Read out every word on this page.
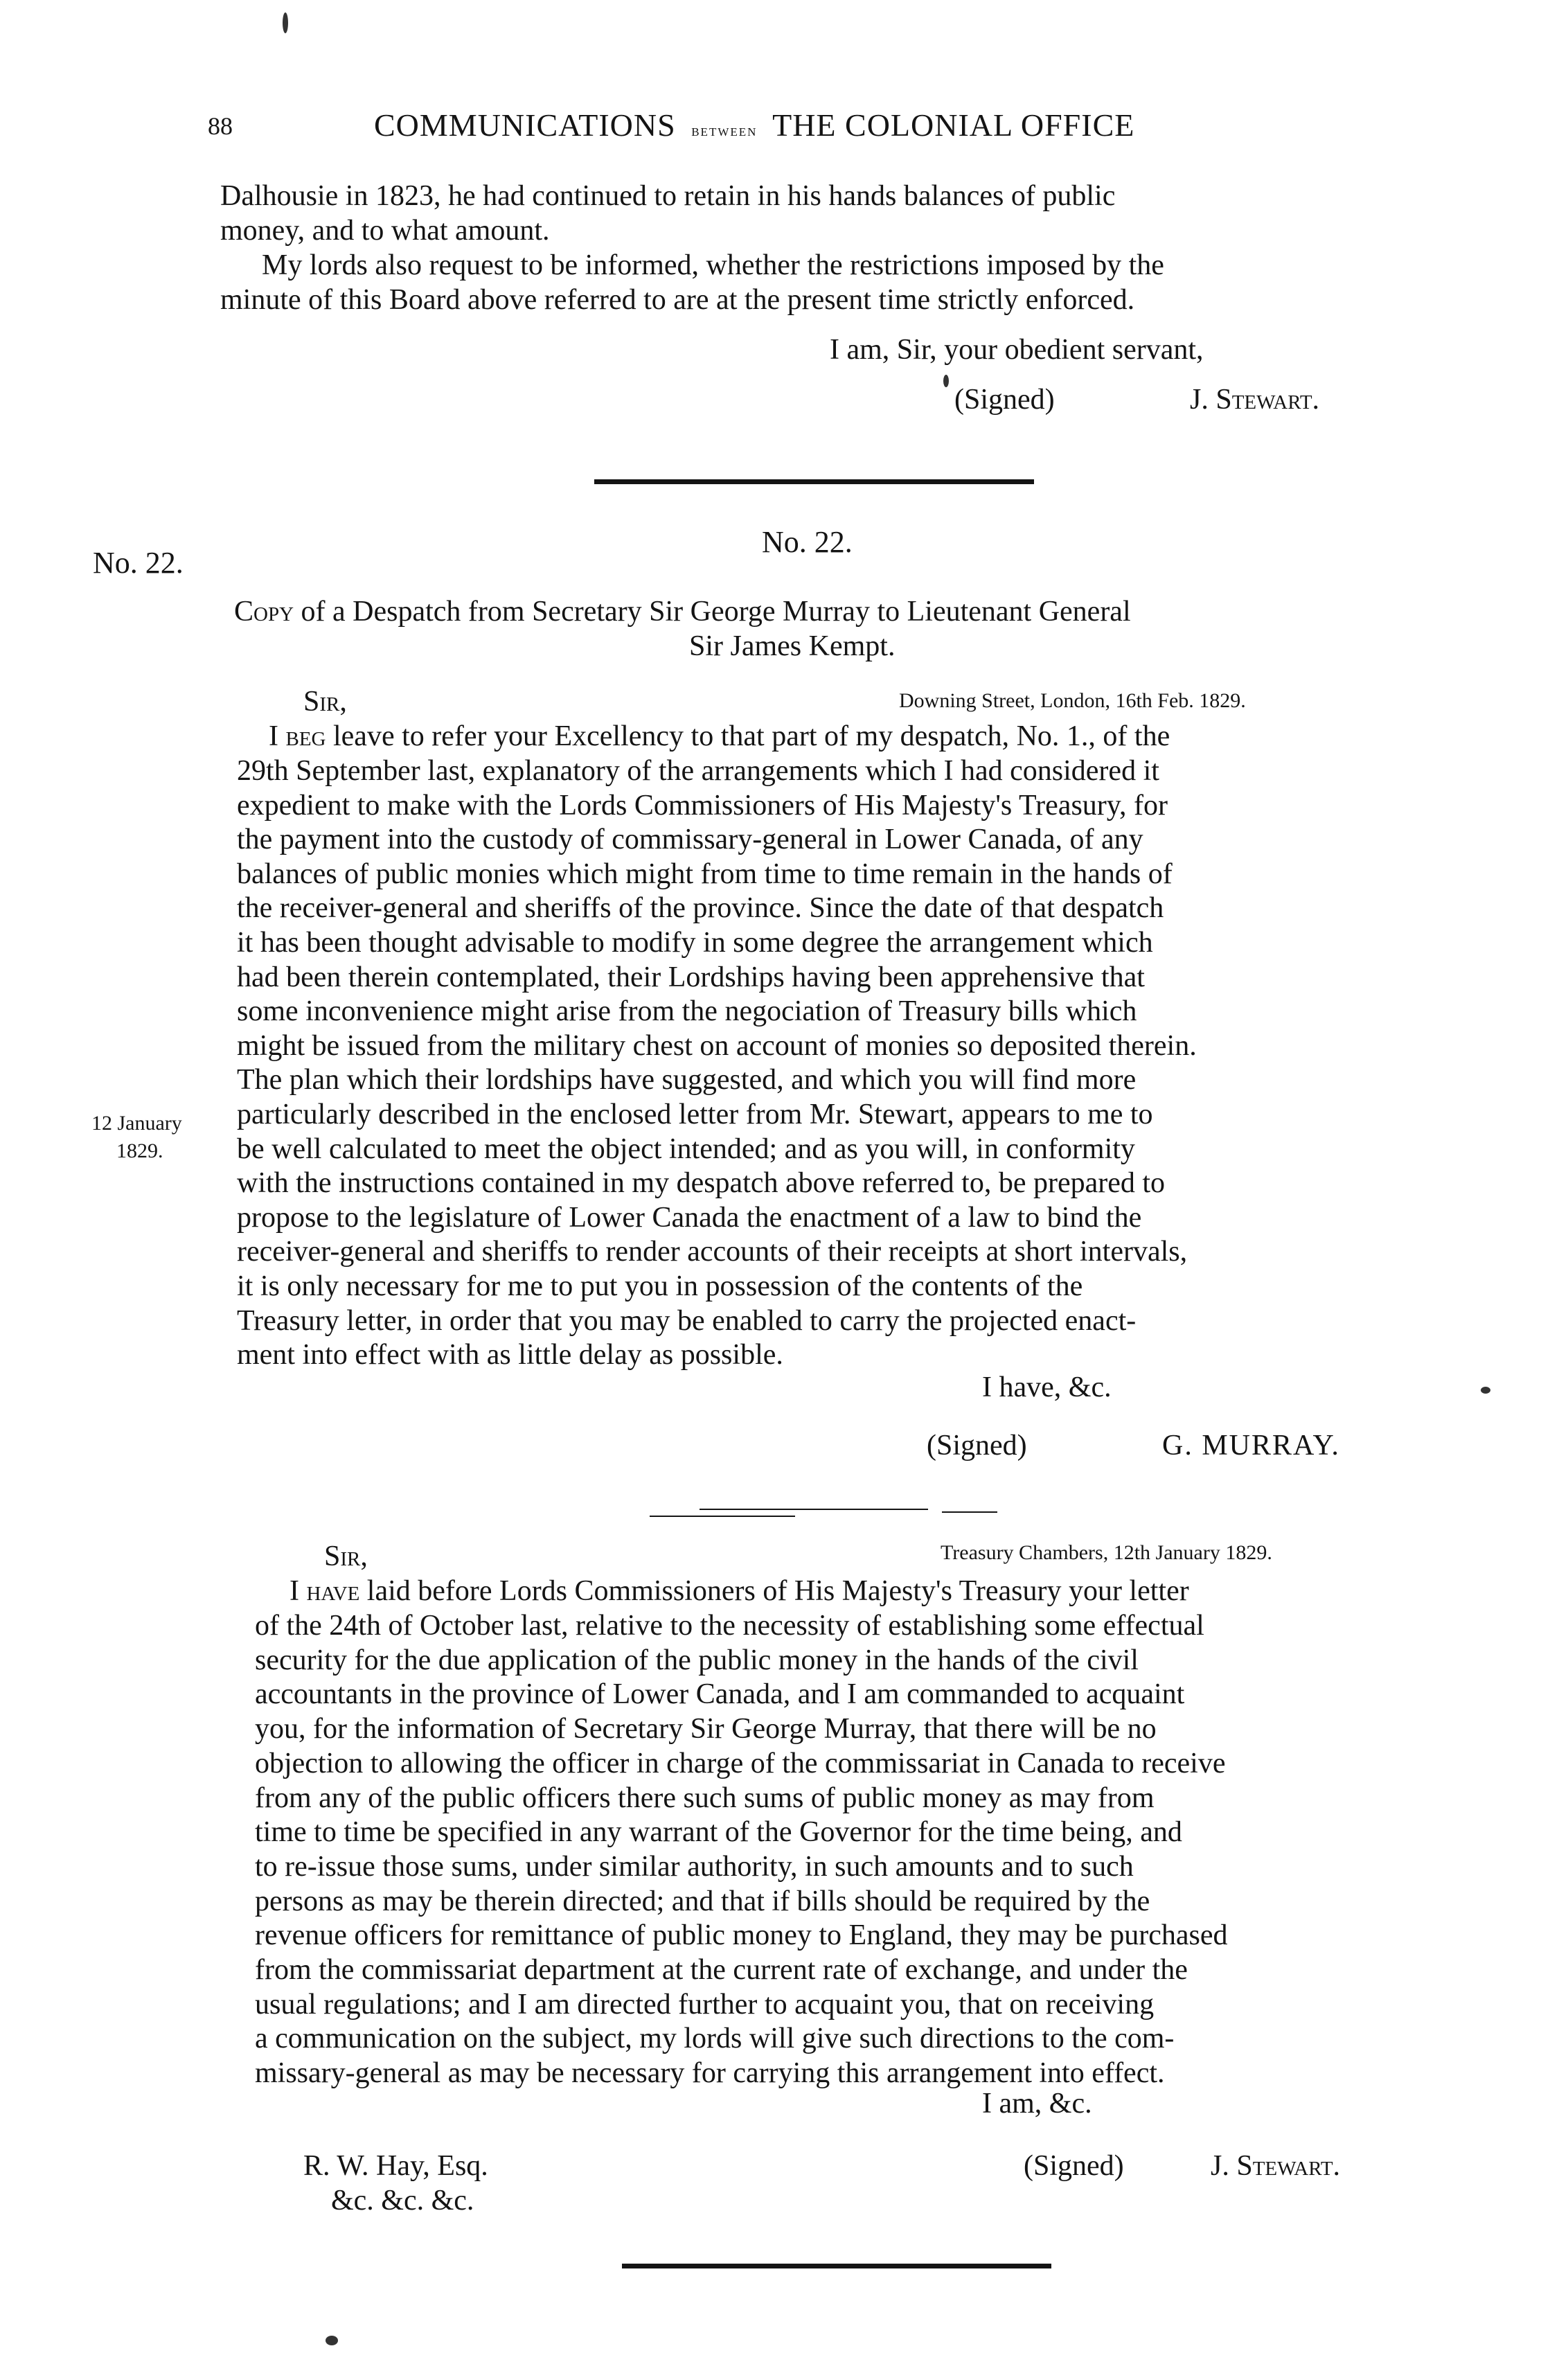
88	COMMUNICATIONS between THE COLONIAL OFFICE
Dalhousie in 1823, he had continued to retain in his hands balances of public
money, and to what amount.
My lords also request to be informed, whether the restrictions imposed by the
minute of this Board above referred to are at the present time strictly enforced.
I am, Sir, your obedient servant,
(Signed)	J. Stewart.
No. 22.
No. 22.
Copy of a Despatch from Secretary Sir George Murray to Lieutenant General
Sir James Kempt.
Sir,	Downing Street, London, 16th Feb. 1829.
I beg leave to refer your Excellency to that part of my despatch, No. 1., of the
29th September last, explanatory of the arrangements which I had considered it
expedient to make with the Lords Commissioners of His Majesty's Treasury, for
the payment into the custody of commissary-general in Lower Canada, of any
balances of public monies which might from time to time remain in the hands of
the receiver-general and sheriffs of the province. Since the date of that despatch
it has been thought advisable to modify in some degree the arrangement which
had been therein contemplated, their Lordships having been apprehensive that
some inconvenience might arise from the negociation of Treasury bills which
might be issued from the military chest on account of monies so deposited therein.
The plan which their lordships have suggested, and which you will find more
particularly described in the enclosed letter from Mr. Stewart, appears to me to
be well calculated to meet the object intended; and as you will, in conformity
with the instructions contained in my despatch above referred to, be prepared to
propose to the legislature of Lower Canada the enactment of a law to bind the
receiver-general and sheriffs to render accounts of their receipts at short intervals,
it is only necessary for me to put you in possession of the contents of the
Treasury letter, in order that you may be enabled to carry the projected enact-
ment into effect with as little delay as possible.
12 January
1829.
I have, &c.
(Signed)	G. MURRAY.
Sir,	Treasury Chambers, 12th January 1829.
I have laid before Lords Commissioners of His Majesty's Treasury your letter
of the 24th of October last, relative to the necessity of establishing some effectual
security for the due application of the public money in the hands of the civil
accountants in the province of Lower Canada, and I am commanded to acquaint
you, for the information of Secretary Sir George Murray, that there will be no
objection to allowing the officer in charge of the commissariat in Canada to receive
from any of the public officers there such sums of public money as may from
time to time be specified in any warrant of the Governor for the time being, and
to re-issue those sums, under similar authority, in such amounts and to such
persons as may be therein directed; and that if bills should be required by the
revenue officers for remittance of public money to England, they may be purchased
from the commissariat department at the current rate of exchange, and under the
usual regulations; and I am directed further to acquaint you, that on receiving
a communication on the subject, my lords will give such directions to the com-
missary-general as may be necessary for carrying this arrangement into effect.
I am, &c.
R. W. Hay, Esq.
&c. &c. &c.
(Signed)	J. Stewart.
